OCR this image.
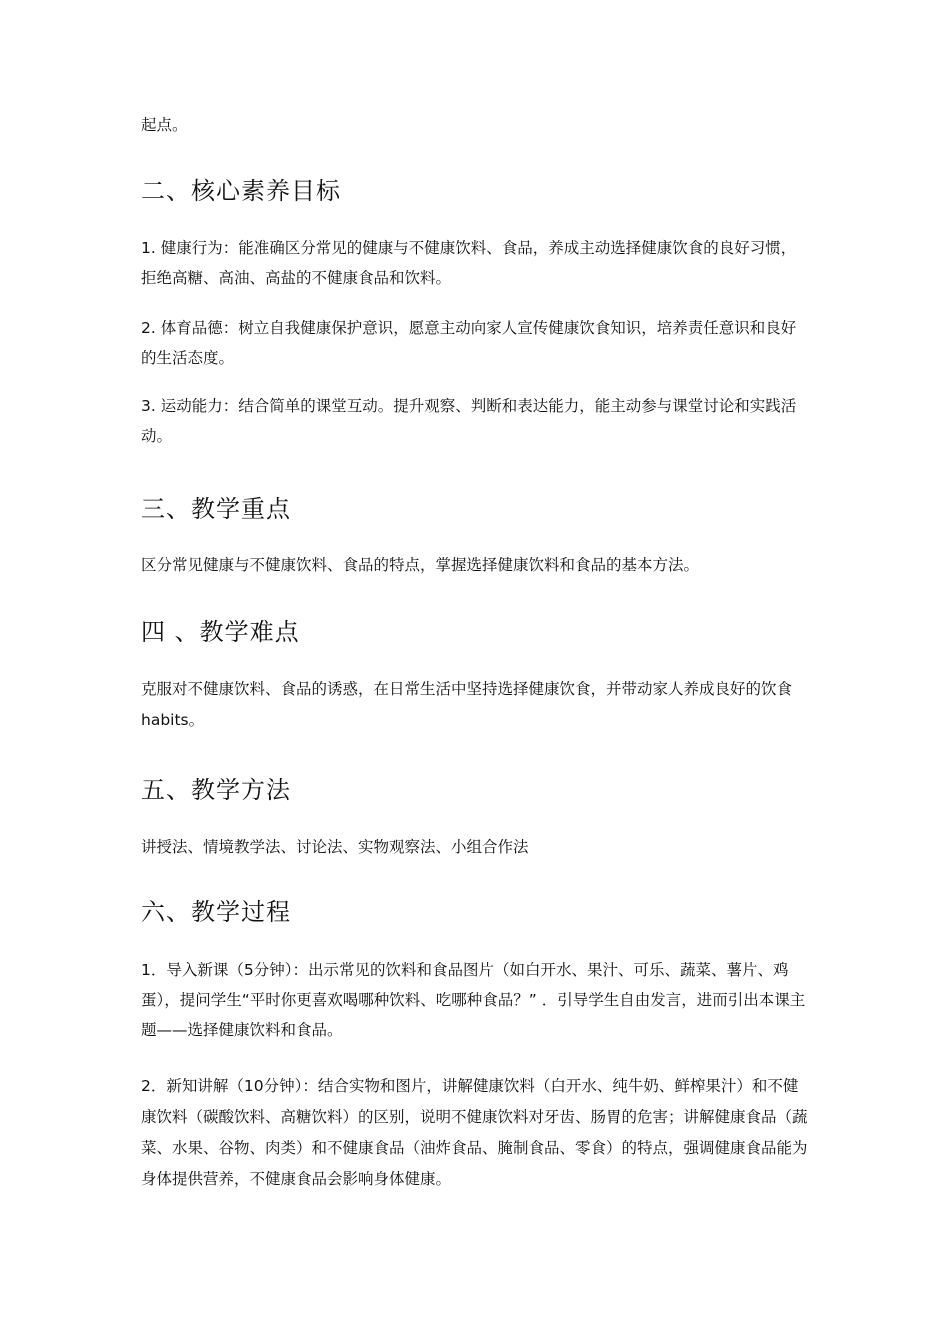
起点。

二、核心素养目标

1. 健康行为：能准确区分常见的健康与不健康饮料、食品，养成主动选择健康饮食的良好习惯，拒绝高糖、高油、高盐的不健康食品和饮料。

2. 体育品德：树立自我健康保护意识，愿意主动向家人宣传健康饮食知识，培养责任意识和良好的生活态度。

3. 运动能力：结合简单的课堂互动。提升观察、判断和表达能力，能主动参与课堂讨论和实践活动。

三、教学重点

区分常见健康与不健康饮料、食品的特点，掌握选择健康饮料和食品的基本方法。

四 、教学难点

克服对不健康饮料、食品的诱惑，在日常生活中坚持选择健康饮食，并带动家人养成良好的饮食 habits。

五、教学方法

讲授法、情境教学法、讨论法、实物观察法、小组合作法

六、教学过程

1．导入新课（5分钟）：出示常见的饮料和食品图片（如白开水、果汁、可乐、蔬菜、薯片、鸡蛋），提问学生“平时你更喜欢喝哪种饮料、吃哪种食品？” ．引导学生自由发言，进而引出本课主题——选择健康饮料和食品。

2．新知讲解（10分钟）：结合实物和图片，讲解健康饮料（白开水、纯牛奶、鲜榨果汁）和不健康饮料（碳酸饮料、高糖饮料）的区别，说明不健康饮料对牙齿、肠胃的危害；讲解健康食品（蔬菜、水果、谷物、肉类）和不健康食品（油炸食品、腌制食品、零食）的特点，强调健康食品能为身体提供营养，不健康食品会影响身体健康。
